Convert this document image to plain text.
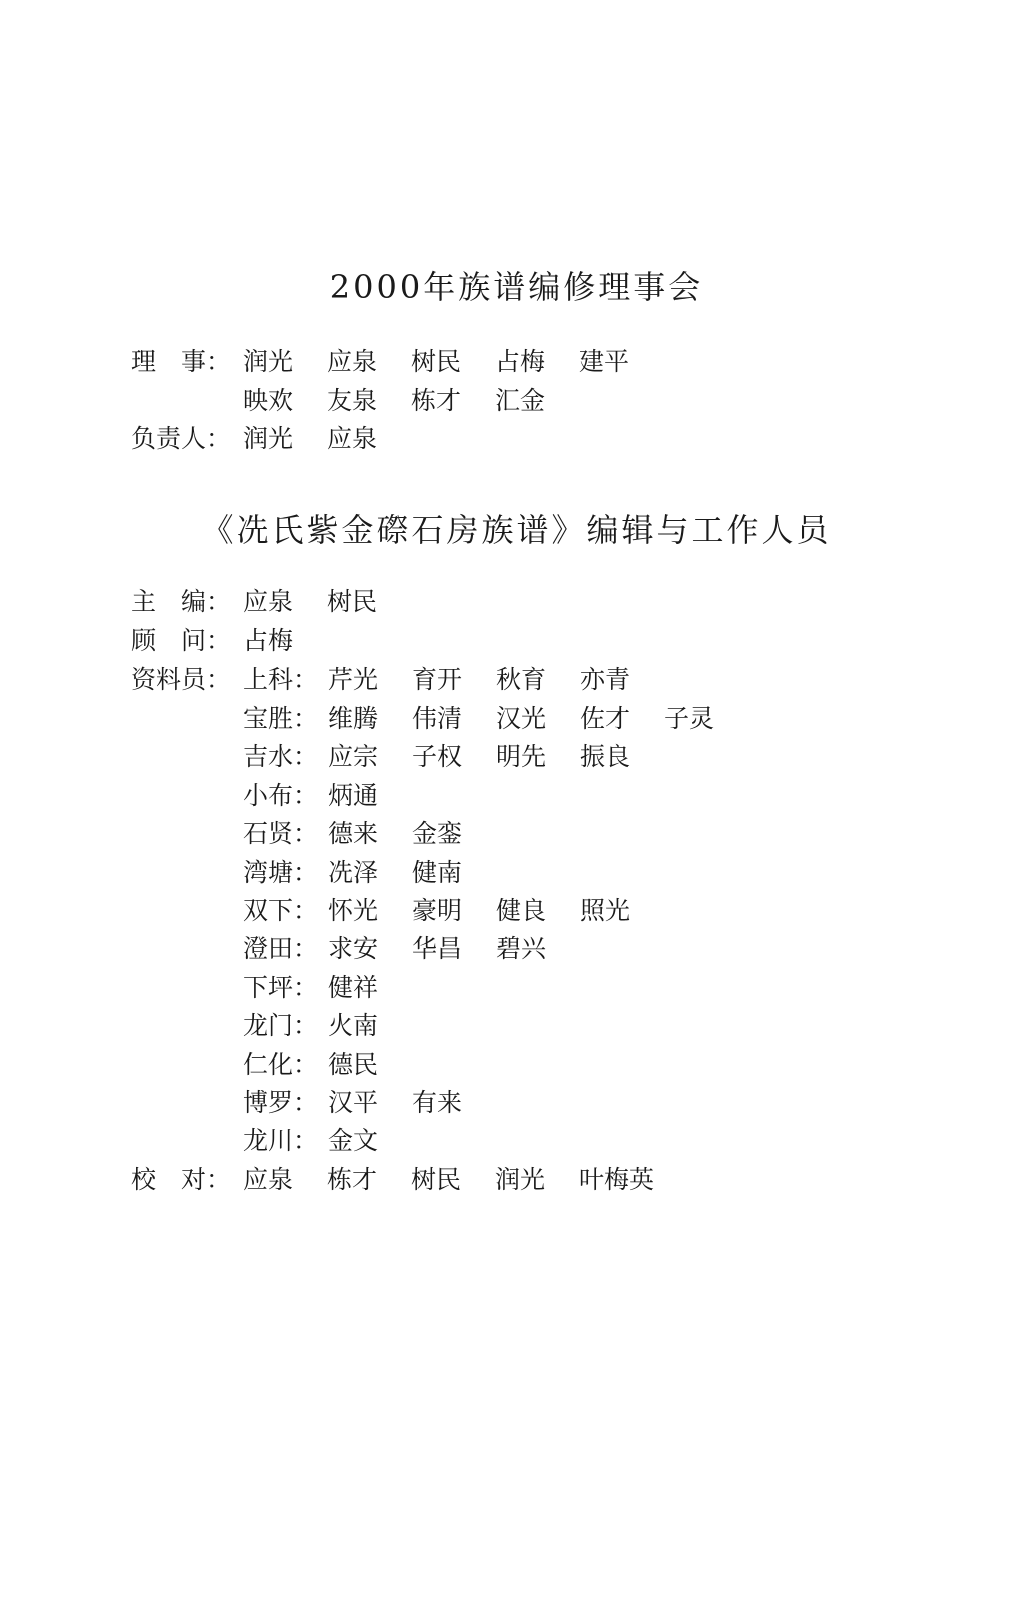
2000年族谱编修理事会
理　事： 润光 应泉 树民 占梅 建平
映欢 友泉 栋才 汇金
负责人： 润光 应泉
《冼氏紫金磜石房族谱》编辑与工作人员
主　编： 应泉 树民
顾　问： 占梅
资料员： 上科： 芹光 育开 秋育 亦青
宝胜： 维腾 伟清 汉光 佐才 子灵
吉水： 应宗 子权 明先 振良
小布： 炳通
石贤： 德来 金銮
湾塘： 冼泽 健南
双下： 怀光 豪明 健良 照光
澄田： 求安 华昌 碧兴
下坪： 健祥
龙门： 火南
仁化： 德民
博罗： 汉平 有来
龙川： 金文
校　对： 应泉 栋才 树民 润光 叶梅英
